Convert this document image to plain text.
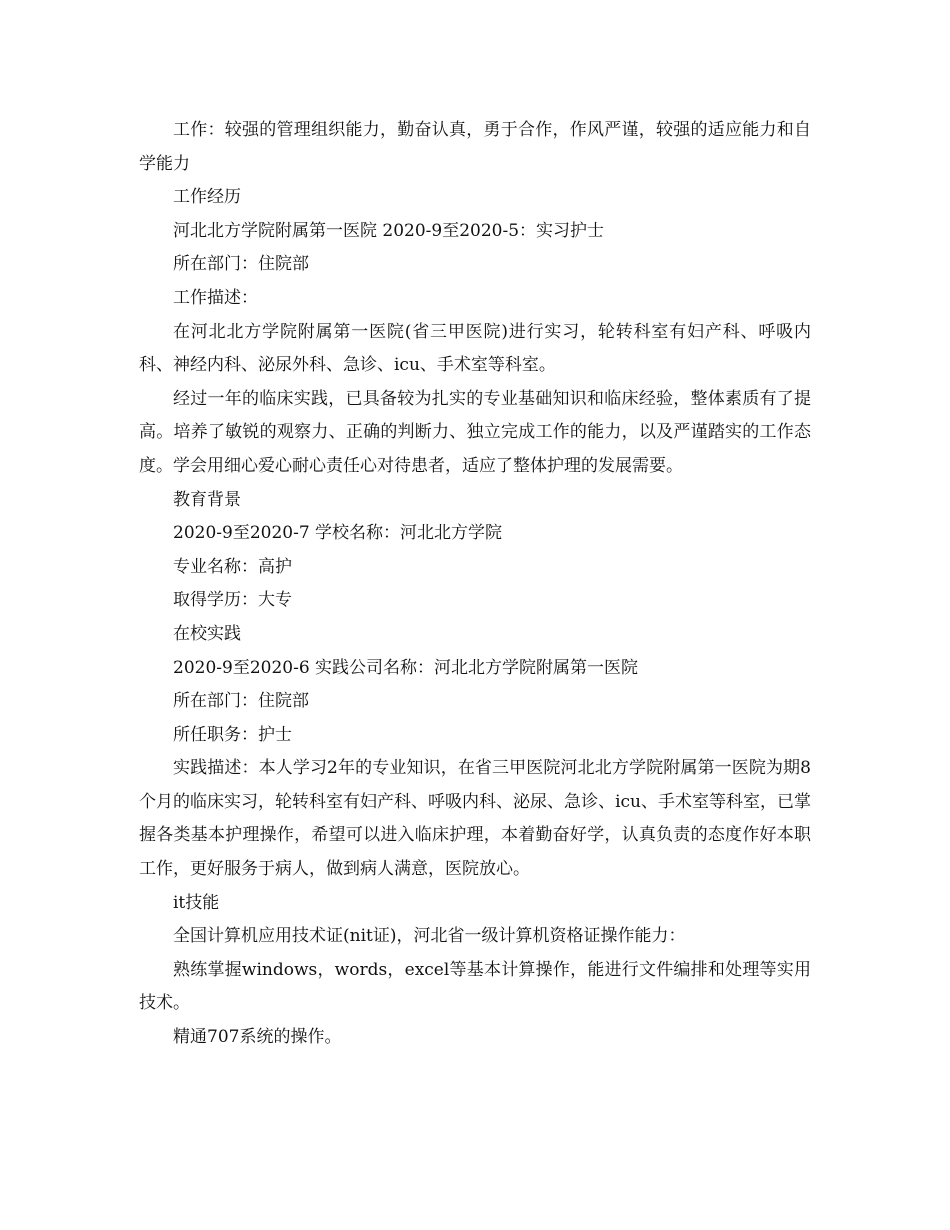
工作：较强的管理组织能力，勤奋认真，勇于合作，作风严谨，较强的适应能力和自学能力

工作经历

河北北方学院附属第一医院 2020-9至2020-5：实习护士

所在部门：住院部

工作描述：

在河北北方学院附属第一医院(省三甲医院)进行实习，轮转科室有妇产科、呼吸内科、神经内科、泌尿外科、急诊、icu、手术室等科室。

经过一年的临床实践，已具备较为扎实的专业基础知识和临床经验，整体素质有了提高。培养了敏锐的观察力、正确的判断力、独立完成工作的能力，以及严谨踏实的工作态度。学会用细心爱心耐心责任心对待患者，适应了整体护理的发展需要。

教育背景

2020-9至2020-7 学校名称：河北北方学院

专业名称：高护

取得学历：大专

在校实践

2020-9至2020-6 实践公司名称：河北北方学院附属第一医院

所在部门：住院部

所任职务：护士

实践描述：本人学习2年的专业知识，在省三甲医院河北北方学院附属第一医院为期8个月的临床实习，轮转科室有妇产科、呼吸内科、泌尿、急诊、icu、手术室等科室，已掌握各类基本护理操作，希望可以进入临床护理，本着勤奋好学，认真负责的态度作好本职工作，更好服务于病人，做到病人满意，医院放心。

it技能

全国计算机应用技术证(nit证)，河北省一级计算机资格证操作能力：

熟练掌握windows，words，excel等基本计算操作，能进行文件编排和处理等实用技术。

精通707系统的操作。
